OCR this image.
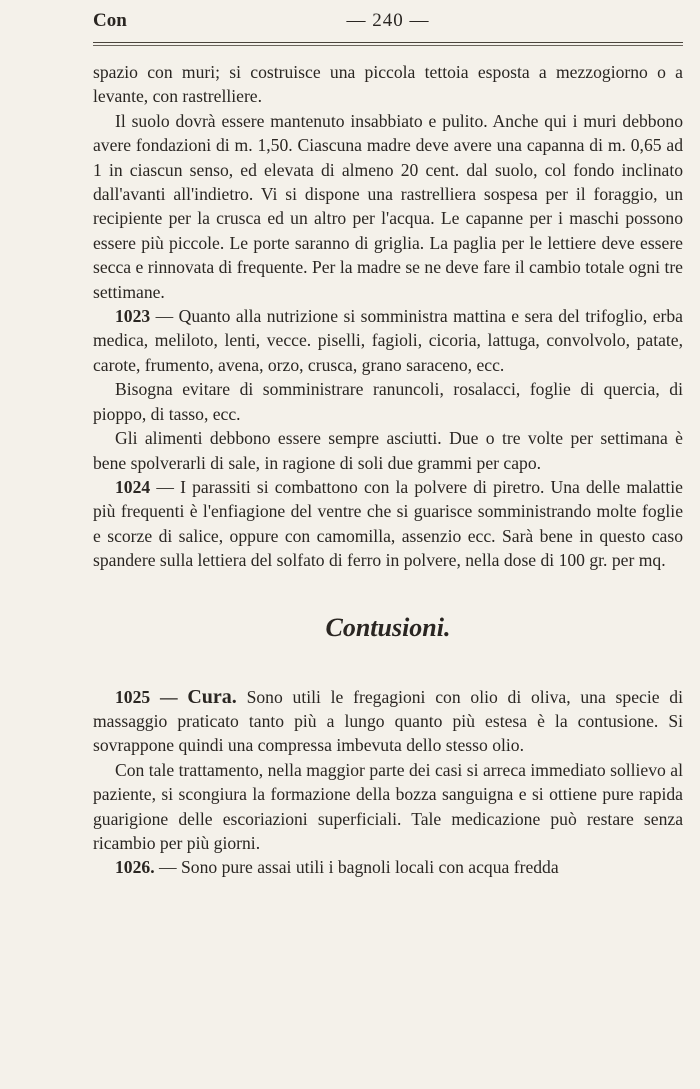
Con	— 240 —

spazio con muri; si costruisce una piccola tettoia esposta a mezzogiorno o a levante, con rastrelliere.

Il suolo dovrà essere mantenuto insabbiato e pulito. Anche qui i muri debbono avere fondazioni di m. 1,50. Ciascuna madre deve avere una capanna di m. 0,65 ad 1 in ciascun senso, ed elevata di almeno 20 cent. dal suolo, col fondo inclinato dall'avanti all'indietro. Vi si dispone una rastrelliera sospesa per il foraggio, un recipiente per la crusca ed un altro per l'acqua. Le capanne per i maschi possono essere più piccole. Le porte saranno di griglia. La paglia per le lettiere deve essere secca e rinnovata di frequente. Per la madre se ne deve fare il cambio totale ogni tre settimane.

1023 — Quanto alla nutrizione si somministra mattina e sera del trifoglio, erba medica, meliloto, lenti, vecce. piselli, fagioli, cicoria, lattuga, convolvolo, patate, carote, frumento, avena, orzo, crusca, grano saraceno, ecc.

Bisogna evitare di somministrare ranuncoli, rosalacci, foglie di quercia, di pioppo, di tasso, ecc.

Gli alimenti debbono essere sempre asciutti. Due o tre volte per settimana è bene spolverarli di sale, in ragione di soli due grammi per capo.

1024 — I parassiti si combattono con la polvere di piretro. Una delle malattie più frequenti è l'enfiagione del ventre che si guarisce somministrando molte foglie e scorze di salice, oppure con camomilla, assenzio ecc. Sarà bene in questo caso spandere sulla lettiera del solfato di ferro in polvere, nella dose di 100 gr. per mq.

Contusioni.

1025 — Cura. Sono utili le fregagioni con olio di oliva, una specie di massaggio praticato tanto più a lungo quanto più estesa è la contusione. Si sovrappone quindi una compressa imbevuta dello stesso olio.

Con tale trattamento, nella maggior parte dei casi si arreca immediato sollievo al paziente, si scongiura la formazione della bozza sanguigna e si ottiene pure rapida guarigione delle escoriazioni superficiali. Tale medicazione può restare senza ricambio per più giorni.

1026. — Sono pure assai utili i bagnoli locali con acqua fredda
